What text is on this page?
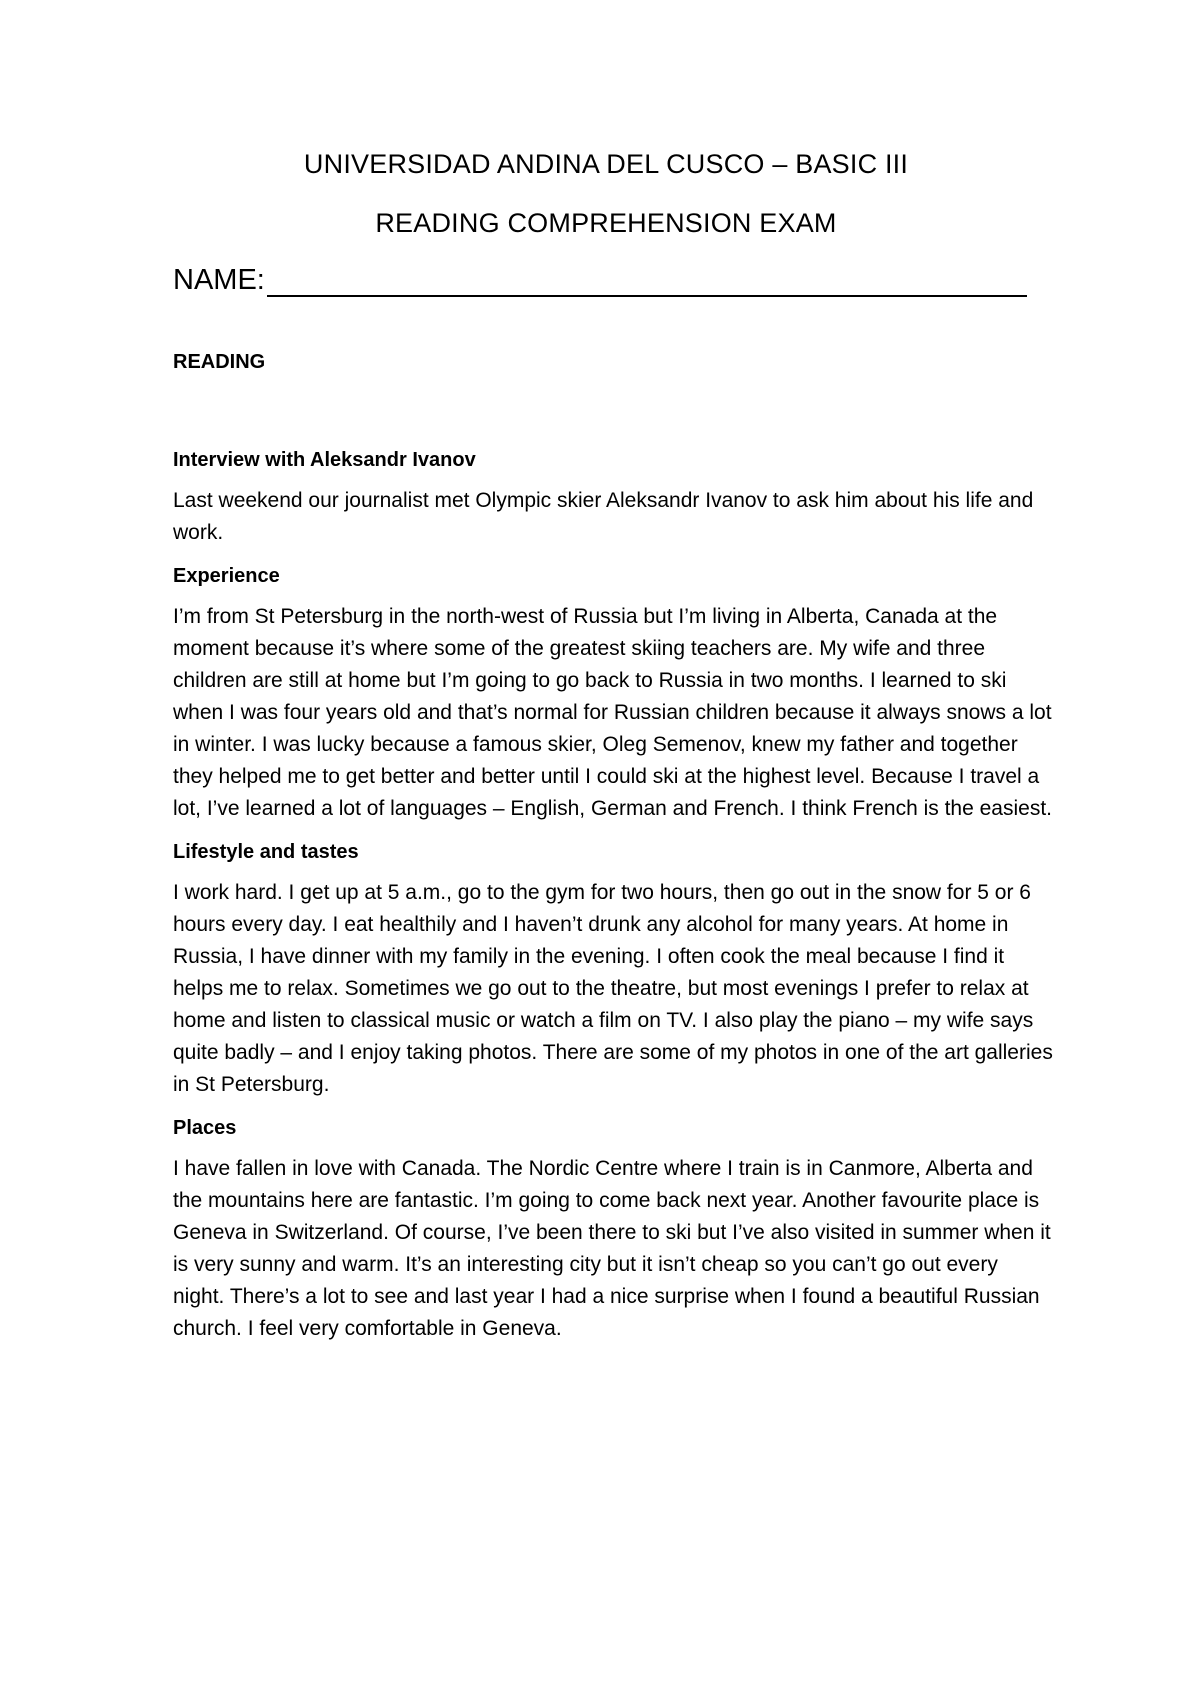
UNIVERSIDAD ANDINA DEL CUSCO – BASIC III
READING COMPREHENSION EXAM
NAME:

READING

Interview with Aleksandr Ivanov

Last weekend our journalist met Olympic skier Aleksandr Ivanov to ask him about his life and work.

Experience

I’m from St Petersburg in the north-west of Russia but I’m living in Alberta, Canada at the moment because it’s where some of the greatest skiing teachers are. My wife and three children are still at home but I’m going to go back to Russia in two months. I learned to ski when I was four years old and that’s normal for Russian children because it always snows a lot in winter. I was lucky because a famous skier, Oleg Semenov, knew my father and together they helped me to get better and better until I could ski at the highest level. Because I travel a lot, I’ve learned a lot of languages – English, German and French. I think French is the easiest.

Lifestyle and tastes

I work hard. I get up at 5 a.m., go to the gym for two hours, then go out in the snow for 5 or 6 hours every day. I eat healthily and I haven’t drunk any alcohol for many years. At home in Russia, I have dinner with my family in the evening. I often cook the meal because I find it helps me to relax. Sometimes we go out to the theatre, but most evenings I prefer to relax at home and listen to classical music or watch a film on TV. I also play the piano – my wife says quite badly – and I enjoy taking photos. There are some of my photos in one of the art galleries in St Petersburg.

Places

I have fallen in love with Canada. The Nordic Centre where I train is in Canmore, Alberta and the mountains here are fantastic. I’m going to come back next year. Another favourite place is Geneva in Switzerland. Of course, I’ve been there to ski but I’ve also visited in summer when it is very sunny and warm. It’s an interesting city but it isn’t cheap so you can’t go out every night. There’s a lot to see and last year I had a nice surprise when I found a beautiful Russian church. I feel very comfortable in Geneva.
